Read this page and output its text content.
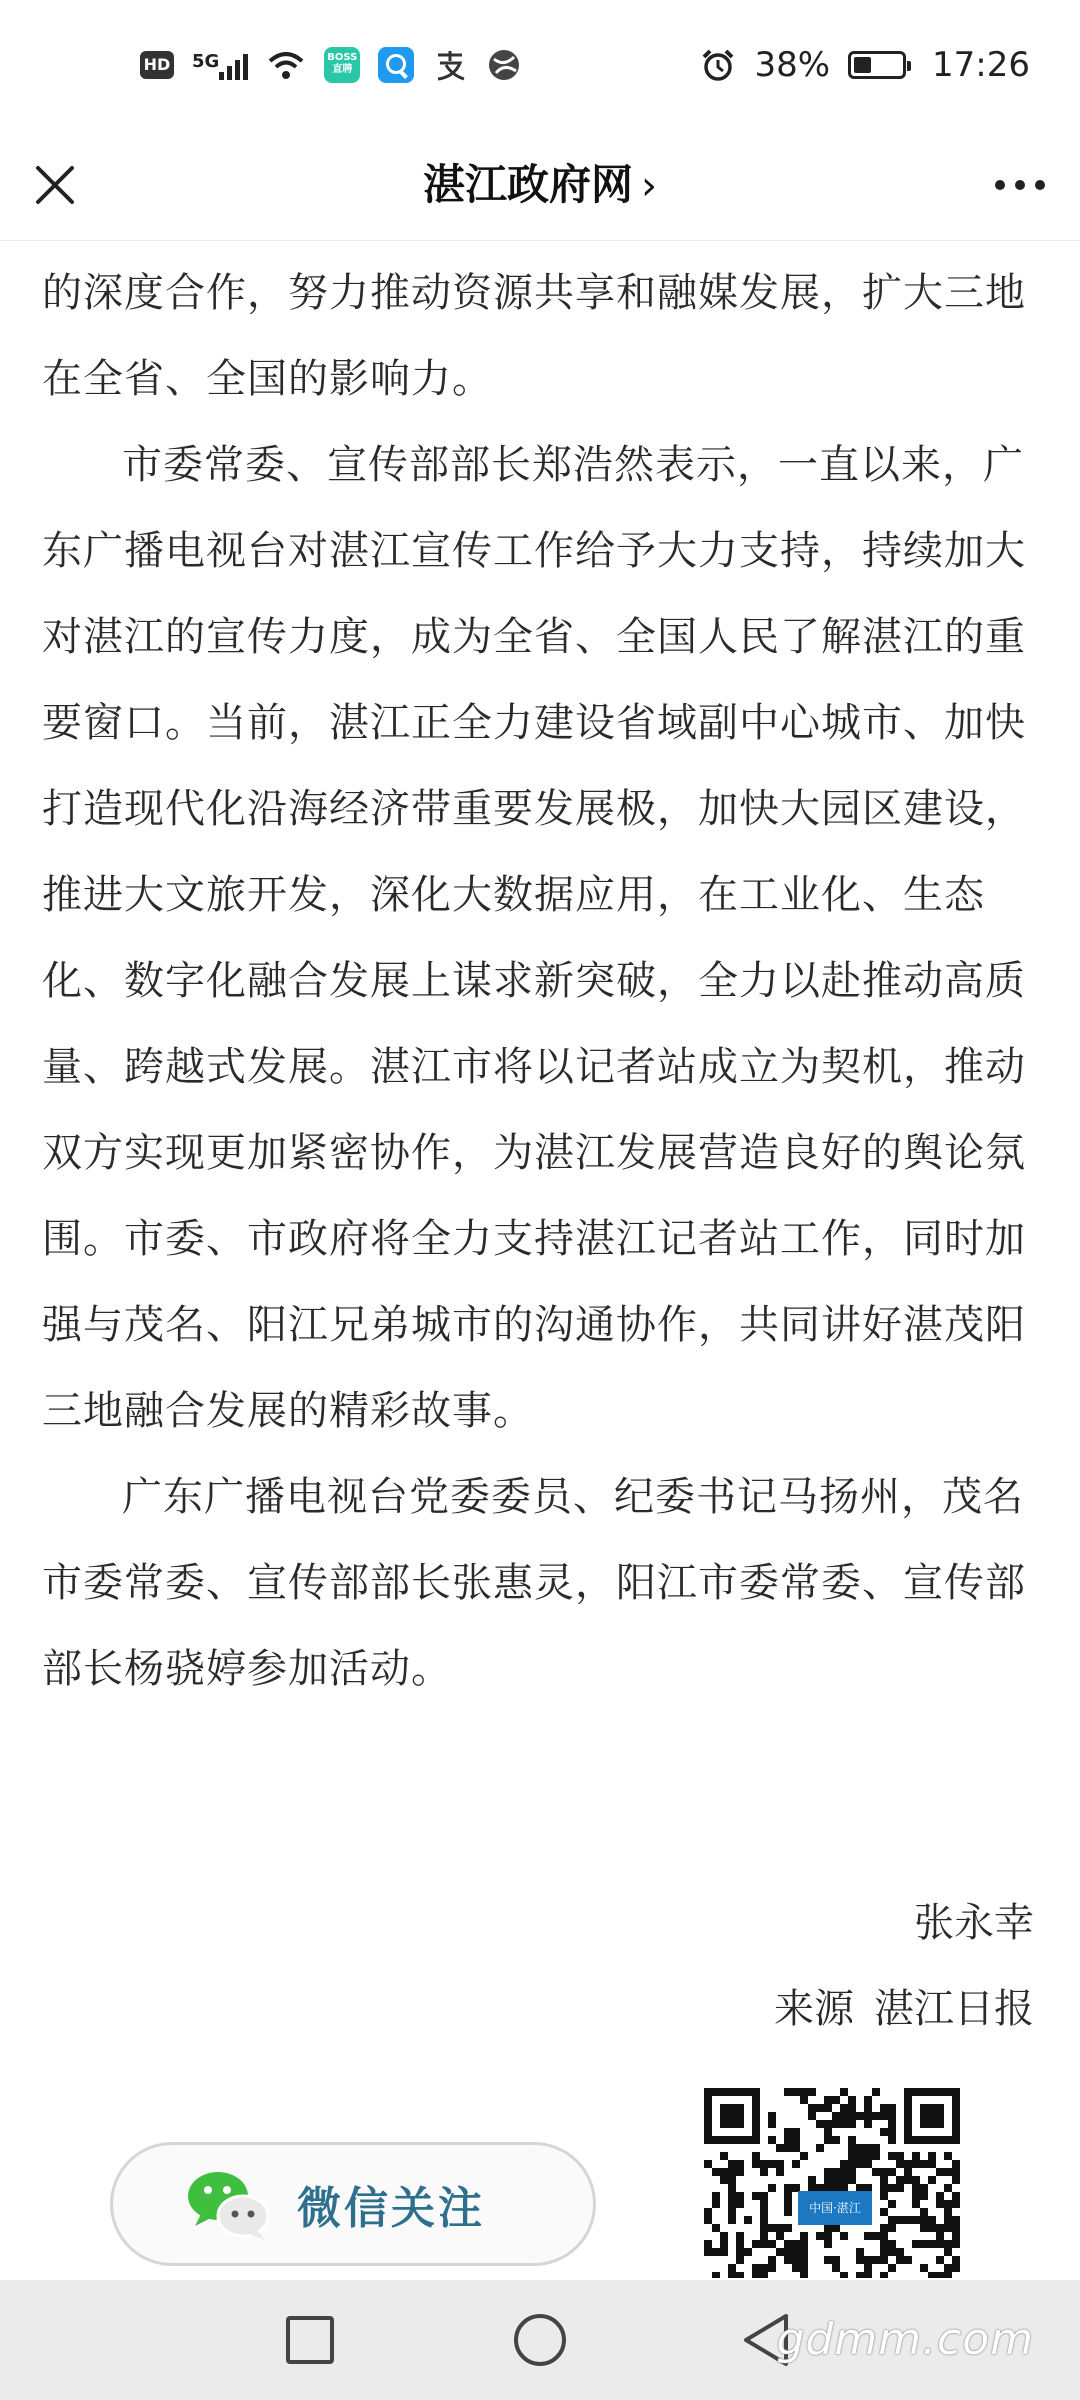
HD 5G	BOSS
直聘	38%	17:26
湛江政府网 ›

的深度合作，努力推动资源共享和融媒发展，扩大三地在全省、全国的影响力。

市委常委、宣传部部长郑浩然表示，一直以来，广东广播电视台对湛江宣传工作给予大力支持，持续加大对湛江的宣传力度，成为全省、全国人民了解湛江的重要窗口。当前，湛江正全力建设省域副中心城市、加快打造现代化沿海经济带重要发展极，加快大园区建设，推进大文旅开发，深化大数据应用，在工业化、生态化、数字化融合发展上谋求新突破，全力以赴推动高质量、跨越式发展。湛江市将以记者站成立为契机，推动双方实现更加紧密协作，为湛江发展营造良好的舆论氛围。市委、市政府将全力支持湛江记者站工作，同时加强与茂名、阳江兄弟城市的沟通协作，共同讲好湛茂阳三地融合发展的精彩故事。

广东广播电视台党委委员、纪委书记马扬州，茂名市委常委、宣传部部长张惠灵，阳江市委常委、宣传部部长杨骁婷参加活动。

张永幸
来源 湛江日报
微信关注	中国·湛江
gdmm.com
